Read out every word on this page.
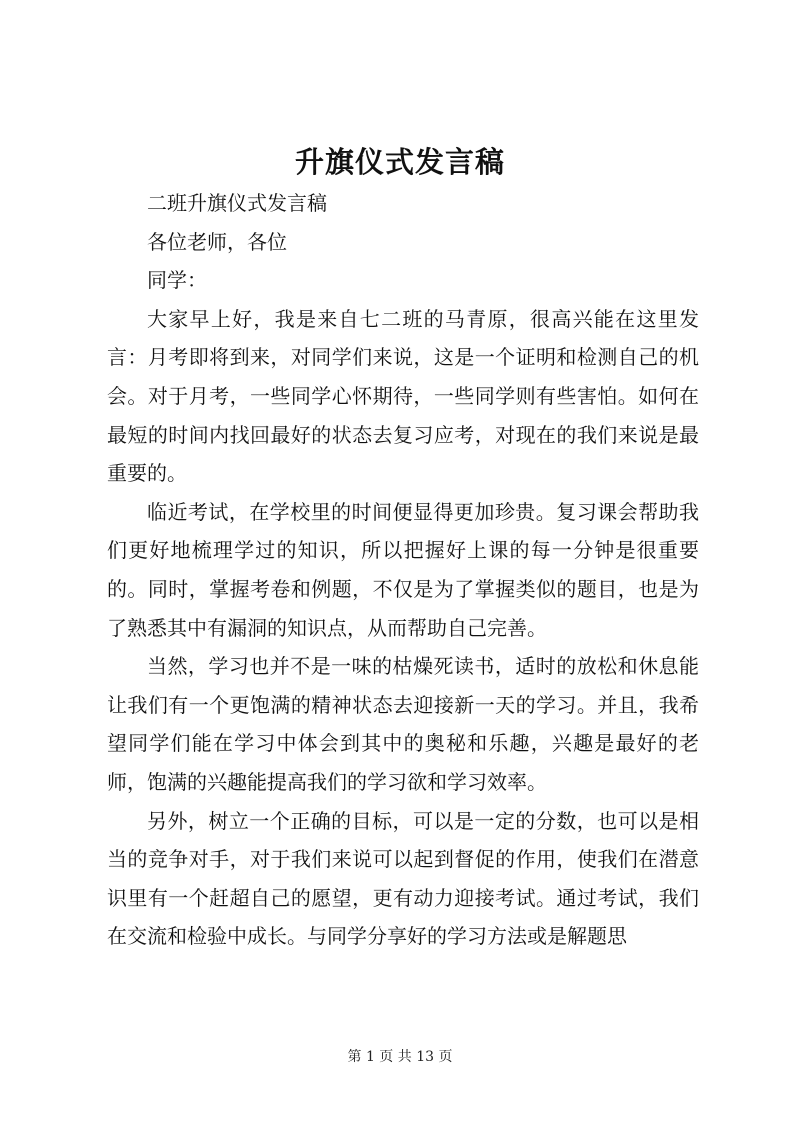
升旗仪式发言稿

二班升旗仪式发言稿

各位老师，各位

同学：

大家早上好，我是来自七二班的马青原，很高兴能在这里发言：月考即将到来，对同学们来说，这是一个证明和检测自己的机会。对于月考，一些同学心怀期待，一些同学则有些害怕。如何在最短的时间内找回最好的状态去复习应考，对现在的我们来说是最重要的。

临近考试，在学校里的时间便显得更加珍贵。复习课会帮助我们更好地梳理学过的知识，所以把握好上课的每一分钟是很重要的。同时，掌握考卷和例题，不仅是为了掌握类似的题目，也是为了熟悉其中有漏洞的知识点，从而帮助自己完善。

当然，学习也并不是一味的枯燥死读书，适时的放松和休息能让我们有一个更饱满的精神状态去迎接新一天的学习。并且，我希望同学们能在学习中体会到其中的奥秘和乐趣，兴趣是最好的老师，饱满的兴趣能提高我们的学习欲和学习效率。

另外，树立一个正确的目标，可以是一定的分数，也可以是相当的竞争对手，对于我们来说可以起到督促的作用，使我们在潜意识里有一个赶超自己的愿望，更有动力迎接考试。通过考试，我们在交流和检验中成长。与同学分享好的学习方法或是解题思

第 1 页 共 13 页
